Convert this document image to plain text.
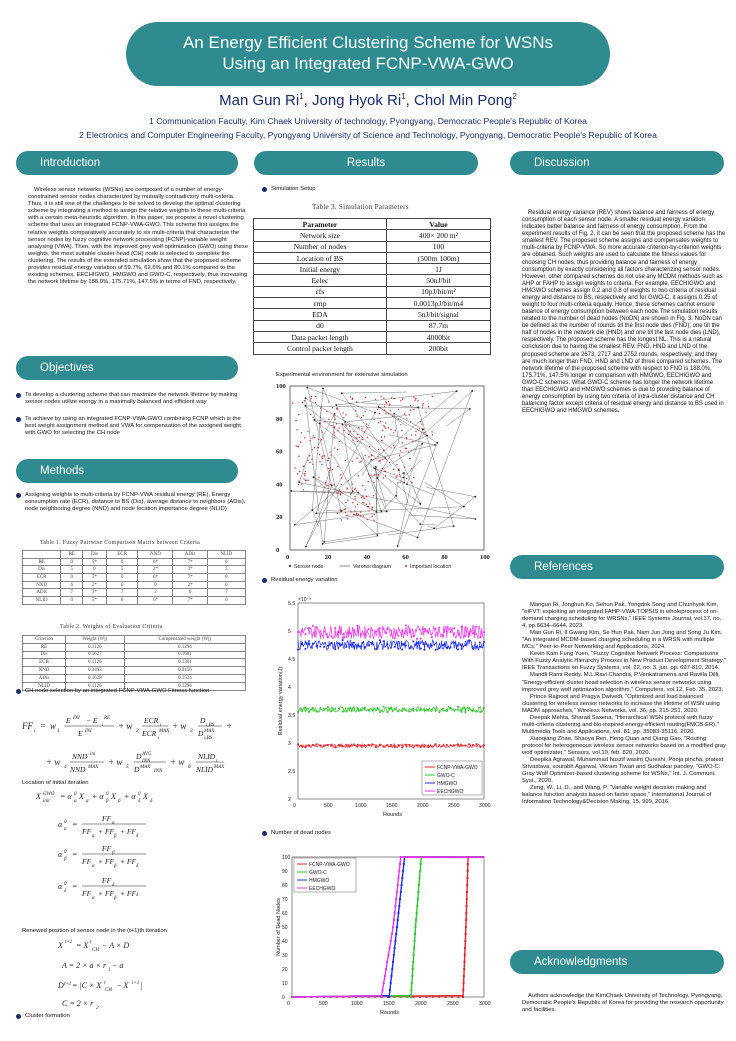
An Energy Efficient Clustering Scheme for WSNs
Using an Integrated FCNP-VWA-GWO
Man Gun Ri$^1$, Jong Hyok Ri$^1$, Chol Min Pong$^2$
1 Communication Faculty, Kim Chaek University of technology, Pyongyang, Democratic People's Republic of Korea
2 Electronics and Computer Engineering Faculty, Pyongyang University of Science and Technology, Pyongyang, Democratic People's Republic of Korea
Introduction
Wireless sensor networks (WSNs) are composed of a number of energy-constrained sensor nodes characterized by mutually contradictory multi-criteria. Thus, it is still one of the challenges to be solved to develop the optimal clustering scheme by integrating a method to assign the relative weights to these multi-criteria with a certain meta-heuristic algorithm. In this paper, we propose a novel clustering scheme that uses an integrated FCNP-VWA-GWO. This scheme first assigns the relative weights comparatively accurately to six multi-criteria that characterize the sensor nodes by fuzzy cognitive network processing (FCNP)-variable weight analysing (VWA). Then, with the improved grey wolf optimization (GWO) using these weights, the most suitable cluster head (CH) node is selected to complete the clustering. The results of the extended simulation show that the proposed scheme provides residual energy variation of 59.7%, 62.6% and 80.1% compared to the existing schemes, EECHIGWO, HMGWO and GWO-C, respectively, thus increasing the network lifetime by 188.0%, 175.71%, 147.5% in terms of FND, respectively.
Objectives
To develop a clustering scheme that can maximize the network lifetime by making sensor nodes utilize energy in a maximally balanced and efficient way
To achieve by using an integrated FCNP-VWA-GWO combining FCNP which is the best weight assignment method and VWA for compensation of the assigned weight with GWO for selecting the CH node
Methods
Assigning weights to multi-criteria by FCNP-VWA residual energy (RE), Energy consumption rate (ECR), distance to BS (Dis), average distance to neighbors (ADis), node neighboring degree (NND) and node location importance degree (NLID)
Table 1. Fuzzy Pairwise Comparison Matrix between Criteria
	RE	Dis	ECR	NND	ADis	NLID
RE	0	5*	0	6*	7*	0
Dis	5	0	5	2*	3*	5
ECR	0	5*	0	6*	7*	0
NND	6	2*	6	0	2*	6
ADis	7	3*	7	2	0	7
NLID	0	5*	0	6*	7*	0
Table 2. Weights of Evaluation Criteria
Criterion	Weight (Wj)	Compensated weight (Wj)
RE	0.1126	0.1294
Dis	0.1627	0.1601
ECR	0.1126	0.1301
NND	0.3493	0.0456
ADis	0.1628	0.1524
NLID	0.1126	0.1294
CH node selection by an integrated FCNP-VWA-GWO Fitness function
FF i = w 1
E INI − E
i
RE
E INI
+ w 2
ECR
i
ECR
i
MAX
+ w 3
D
i,BS
D
i,BS
MAX
+
+ w 4
NND ini
NND MAX
+ w 5
D AVG
INN
D MAX
INN
+ w 6
NLID
i
NLID MAX
Location of initial iteration
X
init
GWO = α
α
0 X
α
+ α
β
0 X
β
+ α
δ
0 X
δ
α
α
0 =
FF
α
FF
α
+ FF
β
+ FF
δ
α
β
0 =
FF
β
FF
α
+ FF
β
+ FF
δ
α
δ
0 =
FF
δ
FF
α
+ FF
β
+ FF δ
Renewed position of sensor node in the (t+1)th iteration
X t+1 = X
CH
t − A × D
A = 2 × a × r
1
− a
D t+1 = |C × X
CH
t − X t+1 |
C = 2 × r
2
Cluster formation
Results
Simulation Setup
Table 3. Simulation Parameters
Parameter	Value
Network size	400× 200 m²
Number of nodes	100
Location of BS	(500m 100m)
Initial energy	1J
Eelec	50nJ/bit
εfs	10pJ/bit/m²
εmp	0.0013pJ/bit/m4
EDA	5nJ/bit/signal
d0	87.7m
Data packet length	4000bit
Control packet length	200bit
Experimental environment for extensive simulation
0	20	40	60	80	100
0
20
40
60
80
100
Sensor node	Voronoi diagram	Important location
Residual energy variation
×10⁻³
0	500	1000	1500	2000	2500	3000
2
2.5
3
3.5
4
4.5
5
5.5
Rounds
Residual energy variation(J)
FCNP-VWA-GWO
GWO-C
HMGWO
EECHGWO
Number of dead nodes
0	500	1000	1500	2000	2500	3000
0
10
20
30
40
50
60
70
80
90
100
Rounds
Number of Dead Nodes
FCNP-VWA-GWO
GWO-C
HMGWO
EECHGWO
Discussion
Residual energy variance (REV) shows balance and fairness of energy consumption of each sensor node. A smaller residual energy variation indicates better balance and fairness of energy consumption. From the experiment results of Fig. 2, it can be seen that the proposed scheme has the smallest REV. The proposed scheme assigns and compensates weights to multi-criteria by FCNP-VWA. So more accurate criterion-by-criterion weights are obtained. Such weights are used to calculate the fitness values for choosing CH nodes, thus providing balance and fairness of energy consumption by exactly considering all factors characterizing sensor nodes. However, other compared schemes do not use any MCDM methods such as AHP or FAHP to assign weights to criteria. For example, EECHIGWO and HMGWO schemes assign 0.2 and 0.8 of weights to two criteria of residual energy and distance to BS, respectively and for GWO-C, it assigns 0.25 of weight to four multi-criteria equally. Hence, these schemes cannot ensure balance of energy consumption between each node.The simulation results related to the number of dead nodes (NoDN) are shown in Fig. 3. NoDN can be defined as the number of rounds till the first node dies (FND), one till the half of nodes in the network die (HND) and one till the last node dies (LND), respectively. The proposed scheme has the longest NL. This is a natural conclusion due to having the smallest REV. FND, HND and LND of the proposed scheme are 2673, 2717 and 2752 rounds, respectively, and they are much longer than FND, HND and LND of three compared schemes. The network lifetime of the proposed scheme with respect to FND is 188.0%, 175.71%, 147.5% longer in comparison with HMGWO, EECHIGWO and GWO-C schemes. What GWO-C scheme has longer the network lifetime than EECHIGWO and HMGWO schemes is due to providing balance of energy consumption by using two criteria of intra-cluster distance and CH balancing factor except criteria of residual energy and distance to BS used in EECHIGWO and HMGWO schemes.
References

Mangun Ri, Jonghun Ko, Sehun Pak, Yongdok Song and Chunhyok Kim, "eIFVT: exploiting an integrated FAHP-VWA-TOPSIS in wholeprocess of on-demand charging scheduling for WRSNs," IEEE Systems Journal, vol.17, no. 4, pp.6634–6644, 2023.

Man Gun Ri, Il Gwang Kim, Se Hun Pak, Nam Jun Jong and Song Ju Kim. "An integrated MCDM-based charging scheduling in a WRSN with multiple MCs," Peer-to-Peer Networking and Applications, 2024.

Kevin Kam Fung Yuen, "Fuzzy Cognitive Network Process: Comparisons With Fuzzy Analytic Hierarchy Process in New Product Development Strategy," IEEE Transactions on Fuzzy Systems, vol. 22, no. 3, jun. pp. 697-810, 2014.

Mandli Rami Reddy, M.L.Ravi Chandra, P.Venkatramena and Ravilla Dilli, "Energy-efficient cluster head selection in wireless sensor networks using improved grey wolf optimization algorithm," Computers, vol.12, Feb. 35, 2023.

Prince Rajpoot and Pragya Dwivedi, "Optimized and load balanced clustering for wireless sensor networks to increase the lifetime of WSN using MADM approaches," Wireless Networks, vol. 36, pp. 215-251, 2020.

Deepak Mehta, Sharad Saxena, "Hierarchical WSN protocol with fuzzy multi-criteria clustering and bio-inspired energy-efficient routing(FMCB-ER)," Multimedia Tools and Applications, vol. 81, pp. 35083-35116, 2020.

Xiaoqiang Zhao, Shaoya Ren, Heng Quan and Qiang Gao, "Routing protocol for heterogeneous wireless sensor networks based on a modified gray wolf optimizater," Sensors, vol.10, feb. 820, 2020.

Deepika Agrawal, Muhammad huszif wasim Qureshi, Pooja pincha, pratest Srivastava, sourabh Agarwal, Vikram Tiwari and Sudhakar pandey, "GWO-C: Gray Wolf Optimizer-based clustering scheme for WSNs," Int. J. Communi. Syst., 2020.

Zeng, W., Li, D., and Wang, P. "Variable weight decision making and balance function analysis based on factor space," International Journal of Information Technology&Decision Making, 15, 999, 2016.

Acknowledgments
Authors acknowledge the KimChaek University of Technology, Pyongyang, Democratic People's Republic of Korea for providing the research opportunity and facilities.
